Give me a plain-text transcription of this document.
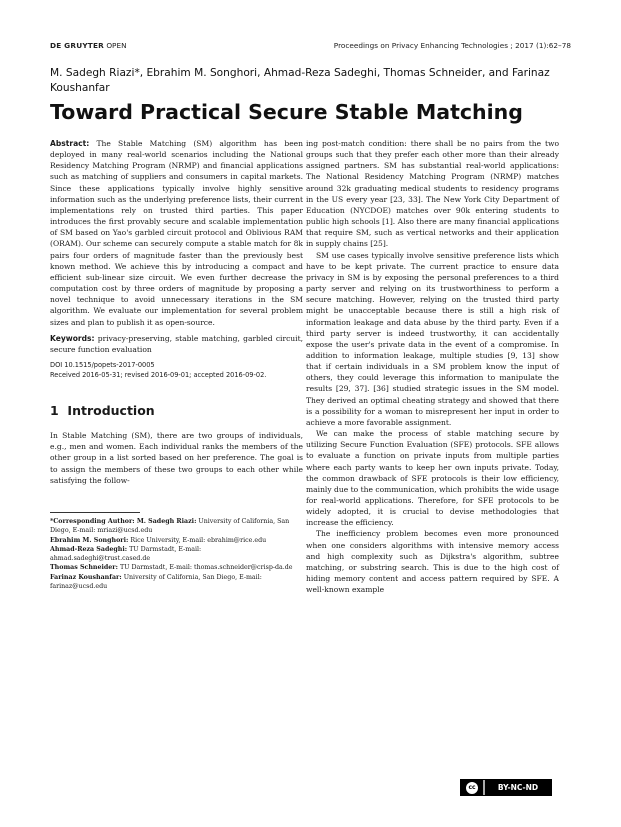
DE GRUYTER OPEN	Proceedings on Privacy Enhancing Technologies ; 2017 (1):62–78
M. Sadegh Riazi*, Ebrahim M. Songhori, Ahmad-Reza Sadeghi, Thomas Schneider, and Farinaz Koushanfar
Toward Practical Secure Stable Matching

Abstract: The Stable Matching (SM) algorithm has been deployed in many real-world scenarios including the National Residency Matching Program (NRMP) and financial applications such as matching of suppliers and consumers in capital markets. Since these applications typically involve highly sensitive information such as the underlying preference lists, their current implementations rely on trusted third parties. This paper introduces the first provably secure and scalable implementation of SM based on Yao's garbled circuit protocol and Oblivious RAM (ORAM). Our scheme can securely compute a stable match for 8k pairs four orders of magnitude faster than the previously best known method. We achieve this by introducing a compact and efficient sub-linear size circuit. We even further decrease the computation cost by three orders of magnitude by proposing a novel technique to avoid unnecessary iterations in the SM algorithm. We evaluate our implementation for several problem sizes and plan to publish it as open-source.

Keywords: privacy-preserving, stable matching, garbled circuit, secure function evaluation

DOI 10.1515/popets-2017-0005

Received 2016-05-31; revised 2016-09-01; accepted 2016-09-02.

1 Introduction

In Stable Matching (SM), there are two groups of individuals, e.g., men and women. Each individual ranks the members of the other group in a list sorted based on her preference. The goal is to assign the members of these two groups to each other while satisfying the follow-

*Corresponding Author: M. Sadegh Riazi: University of California, San Diego, E-mail: mriazi@ucsd.edu

Ebrahim M. Songhori: Rice University, E-mail: ebrahim@rice.edu

Ahmad-Reza Sadeghi: TU Darmstadt, E-mail: ahmad.sadeghi@trust.cased.de

Thomas Schneider: TU Darmstadt, E-mail: thomas.schneider@crisp-da.de

Farinaz Koushanfar: University of California, San Diego, E-mail: farinaz@ucsd.edu

ing post-match condition: there shall be no pairs from the two groups such that they prefer each other more than their already assigned partners. SM has substantial real-world applications: The National Residency Matching Program (NRMP) matches around 32k graduating medical students to residency programs in the US every year [23, 33]. The New York City Department of Education (NYCDOE) matches over 90k entering students to public high schools [1]. Also there are many financial applications that require SM, such as vertical networks and their application in supply chains [25].

SM use cases typically involve sensitive preference lists which have to be kept private. The current practice to ensure data privacy in SM is by exposing the personal preferences to a third party server and relying on its trustworthiness to perform a secure matching. However, relying on the trusted third party might be unacceptable because there is still a high risk of information leakage and data abuse by the third party. Even if a third party server is indeed trustworthy, it can accidentally expose the user's private data in the event of a compromise. In addition to information leakage, multiple studies [9, 13] show that if certain individuals in a SM problem know the input of others, they could leverage this information to manipulate the results [29, 37]. [36] studied strategic issues in the SM model. They derived an optimal cheating strategy and showed that there is a possibility for a woman to misrepresent her input in order to achieve a more favorable assignment.

We can make the process of stable matching secure by utilizing Secure Function Evaluation (SFE) protocols. SFE allows to evaluate a function on private inputs from multiple parties where each party wants to keep her own inputs private. Today, the common drawback of SFE protocols is their low efficiency, mainly due to the communication, which prohibits the wide usage for real-world applications. Therefore, for SFE protocols to be widely adopted, it is crucial to devise methodologies that increase the efficiency.

The inefficiency problem becomes even more pronounced when one considers algorithms with intensive memory access and high complexity such as Dijkstra's algorithm, subtree matching, or substring search. This is due to the high cost of hiding memory content and access pattern required by SFE. A well-known example

cc	BY-NC-ND
